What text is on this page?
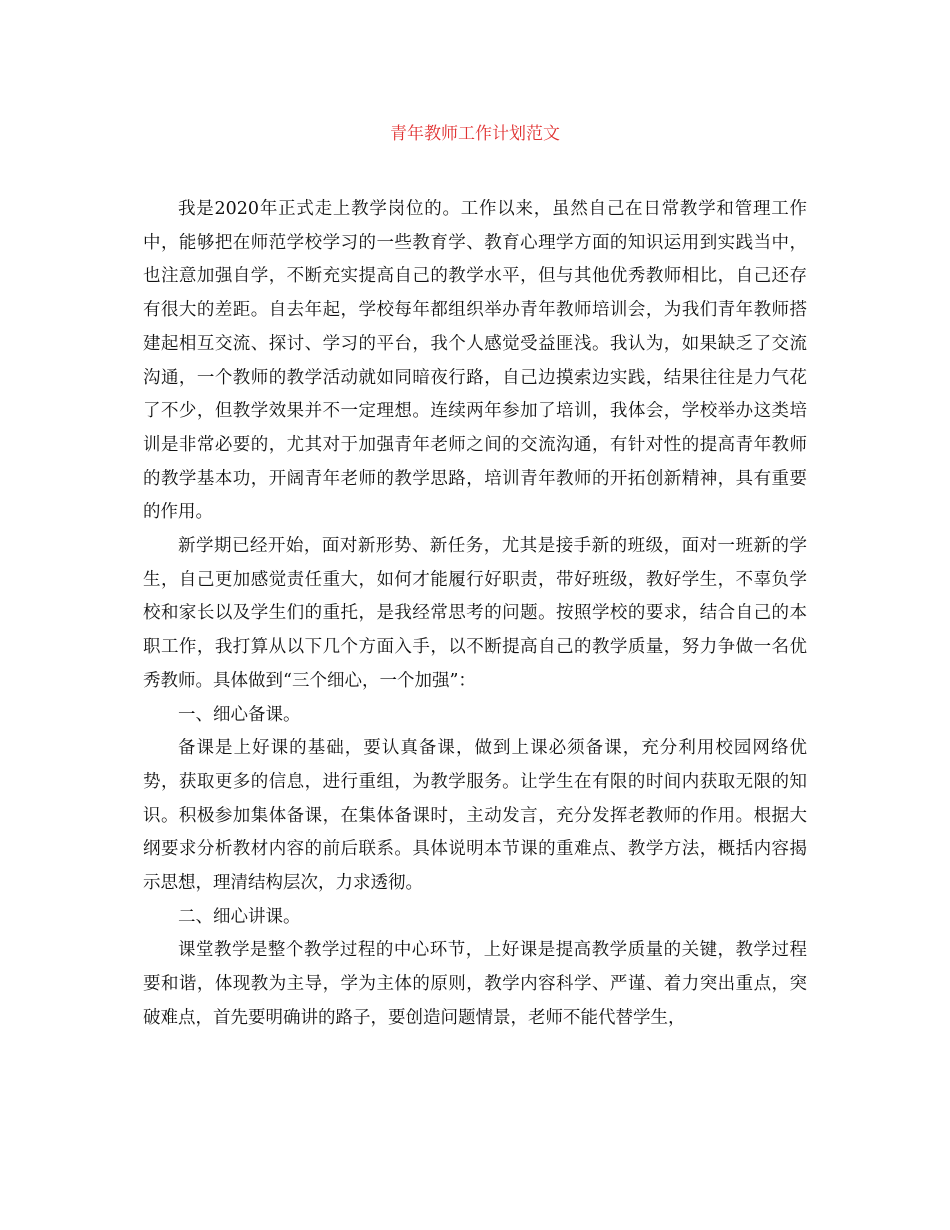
青年教师工作计划范文

我是2020年正式走上教学岗位的。工作以来，虽然自己在日常教学和管理工作中，能够把在师范学校学习的一些教育学、教育心理学方面的知识运用到实践当中，也注意加强自学，不断充实提高自己的教学水平，但与其他优秀教师相比，自己还存有很大的差距。自去年起，学校每年都组织举办青年教师培训会，为我们青年教师搭建起相互交流、探讨、学习的平台，我个人感觉受益匪浅。我认为，如果缺乏了交流沟通，一个教师的教学活动就如同暗夜行路，自己边摸索边实践，结果往往是力气花了不少，但教学效果并不一定理想。连续两年参加了培训，我体会，学校举办这类培训是非常必要的，尤其对于加强青年老师之间的交流沟通，有针对性的提高青年教师的教学基本功，开阔青年老师的教学思路，培训青年教师的开拓创新精神，具有重要的作用。

新学期已经开始，面对新形势、新任务，尤其是接手新的班级，面对一班新的学生，自己更加感觉责任重大，如何才能履行好职责，带好班级，教好学生，不辜负学校和家长以及学生们的重托，是我经常思考的问题。按照学校的要求，结合自己的本职工作，我打算从以下几个方面入手，以不断提高自己的教学质量，努力争做一名优秀教师。具体做到“三个细心，一个加强”：

一、细心备课。

备课是上好课的基础，要认真备课，做到上课必须备课，充分利用校园网络优势，获取更多的信息，进行重组，为教学服务。让学生在有限的时间内获取无限的知识。积极参加集体备课，在集体备课时，主动发言，充分发挥老教师的作用。根据大纲要求分析教材内容的前后联系。具体说明本节课的重难点、教学方法，概括内容揭示思想，理清结构层次，力求透彻。

二、细心讲课。

课堂教学是整个教学过程的中心环节，上好课是提高教学质量的关键，教学过程要和谐，体现教为主导，学为主体的原则，教学内容科学、严谨、着力突出重点，突破难点，首先要明确讲的路子，要创造问题情景，老师不能代替学生，
